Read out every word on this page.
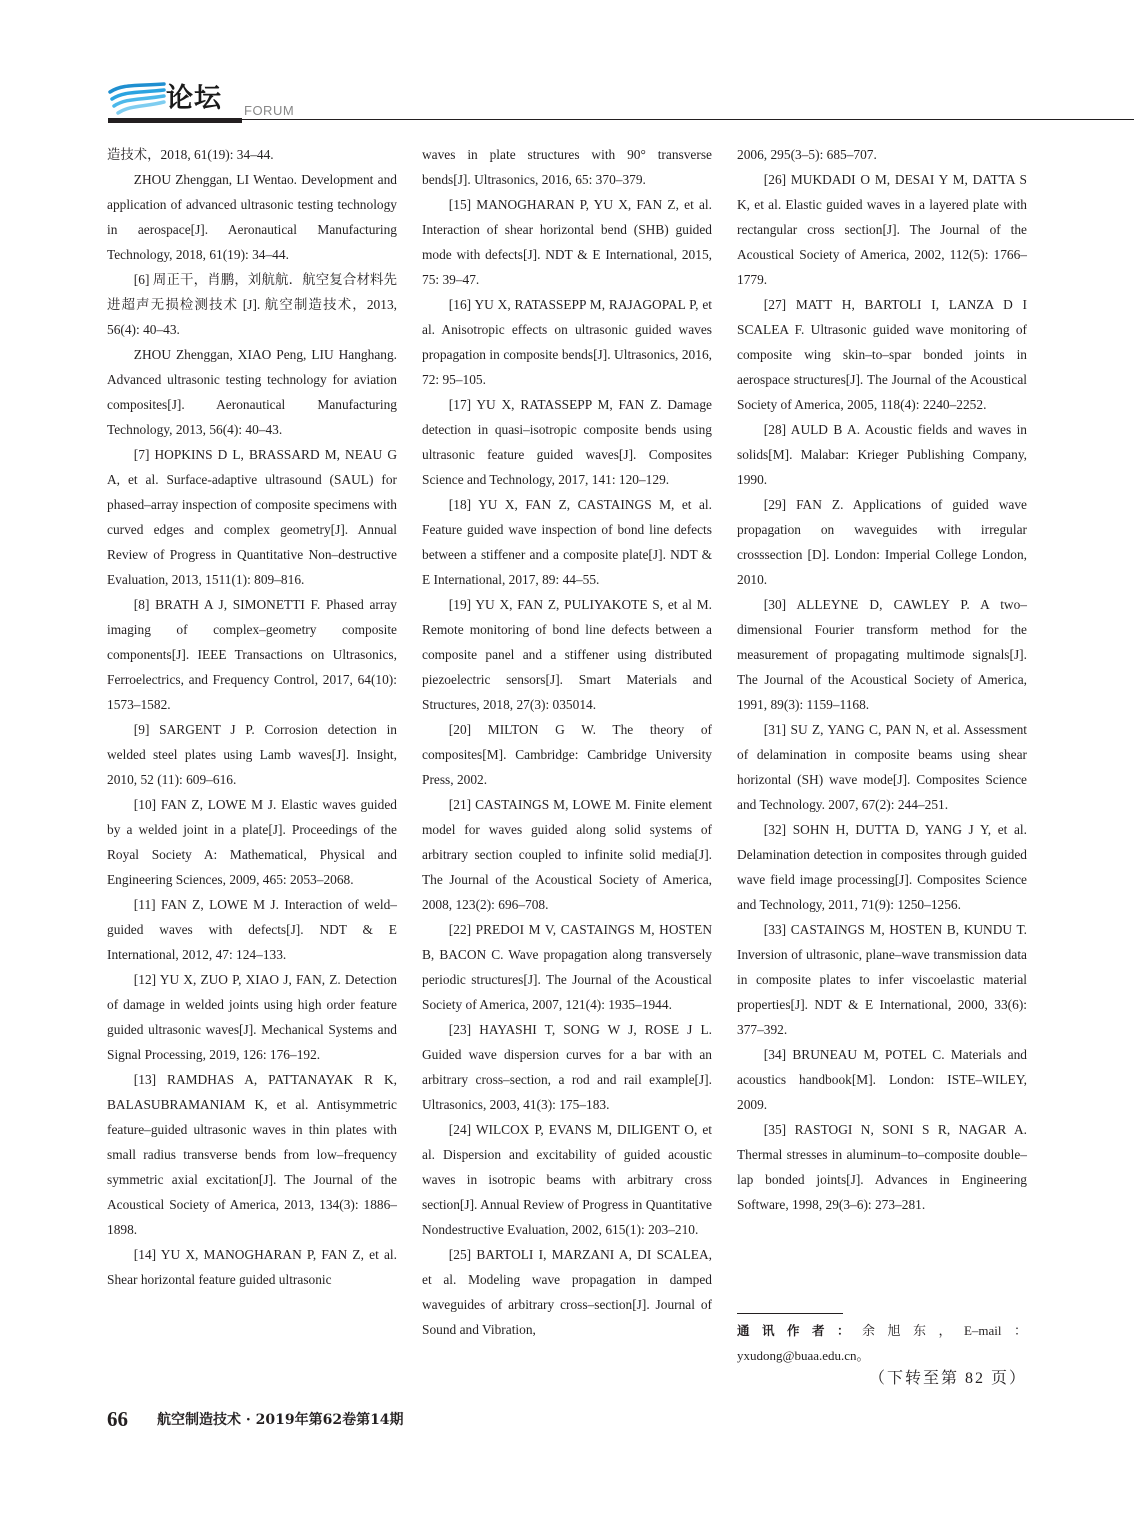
论坛 FORUM

造技术，2018, 61(19): 34–44.

ZHOU Zhenggan, LI Wentao. Development and application of advanced ultrasonic testing technology in aerospace[J]. Aeronautical Manufacturing Technology, 2018, 61(19): 34–44.

[6] 周正干，肖鹏，刘航航．航空复合材料先进超声无损检测技术 [J]. 航空制造技术，2013, 56(4): 40–43.

ZHOU Zhenggan, XIAO Peng, LIU Hanghang. Advanced ultrasonic testing technology for aviation composites[J]. Aeronautical Manufacturing Technology, 2013, 56(4): 40–43.

[7] HOPKINS D L, BRASSARD M, NEAU G A, et al. Surface-adaptive ultrasound (SAUL) for phased–array inspection of composite specimens with curved edges and complex geometry[J]. Annual Review of Progress in Quantitative Non–destructive Evaluation, 2013, 1511(1): 809–816.

[8] BRATH A J, SIMONETTI F. Phased array imaging of complex–geometry composite components[J]. IEEE Transactions on Ultrasonics, Ferroelectrics, and Frequency Control, 2017, 64(10): 1573–1582.

[9] SARGENT J P. Corrosion detection in welded steel plates using Lamb waves[J]. Insight, 2010, 52 (11): 609–616.

[10] FAN Z, LOWE M J. Elastic waves guided by a welded joint in a plate[J]. Proceedings of the Royal Society A: Mathematical, Physical and Engineering Sciences, 2009, 465: 2053–2068.

[11] FAN Z, LOWE M J. Interaction of weld–guided waves with defects[J]. NDT & E International, 2012, 47: 124–133.

[12] YU X, ZUO P, XIAO J, FAN, Z. Detection of damage in welded joints using high order feature guided ultrasonic waves[J]. Mechanical Systems and Signal Processing, 2019, 126: 176–192.

[13] RAMDHAS A, PATTANAYAK R K, BALASUBRAMANIAM K, et al. Antisymmetric feature–guided ultrasonic waves in thin plates with small radius transverse bends from low–frequency symmetric axial excitation[J]. The Journal of the Acoustical Society of America, 2013, 134(3): 1886–1898.

[14] YU X, MANOGHARAN P, FAN Z, et al. Shear horizontal feature guided ultrasonic

waves in plate structures with 90° transverse bends[J]. Ultrasonics, 2016, 65: 370–379.

[15] MANOGHARAN P, YU X, FAN Z, et al. Interaction of shear horizontal bend (SHB) guided mode with defects[J]. NDT & E International, 2015, 75: 39–47.

[16] YU X, RATASSEPP M, RAJAGOPAL P, et al. Anisotropic effects on ultrasonic guided waves propagation in composite bends[J]. Ultrasonics, 2016, 72: 95–105.

[17] YU X, RATASSEPP M, FAN Z. Damage detection in quasi–isotropic composite bends using ultrasonic feature guided waves[J]. Composites Science and Technology, 2017, 141: 120–129.

[18] YU X, FAN Z, CASTAINGS M, et al. Feature guided wave inspection of bond line defects between a stiffener and a composite plate[J]. NDT & E International, 2017, 89: 44–55.

[19] YU X, FAN Z, PULIYAKOTE S, et al M. Remote monitoring of bond line defects between a composite panel and a stiffener using distributed piezoelectric sensors[J]. Smart Materials and Structures, 2018, 27(3): 035014.

[20] MILTON G W. The theory of composites[M]. Cambridge: Cambridge University Press, 2002.

[21] CASTAINGS M, LOWE M. Finite element model for waves guided along solid systems of arbitrary section coupled to infinite solid media[J]. The Journal of the Acoustical Society of America, 2008, 123(2): 696–708.

[22] PREDOI M V, CASTAINGS M, HOSTEN B, BACON C. Wave propagation along transversely periodic structures[J]. The Journal of the Acoustical Society of America, 2007, 121(4): 1935–1944.

[23] HAYASHI T, SONG W J, ROSE J L. Guided wave dispersion curves for a bar with an arbitrary cross–section, a rod and rail example[J]. Ultrasonics, 2003, 41(3): 175–183.

[24] WILCOX P, EVANS M, DILIGENT O, et al. Dispersion and excitability of guided acoustic waves in isotropic beams with arbitrary cross section[J]. Annual Review of Progress in Quantitative Nondestructive Evaluation, 2002, 615(1): 203–210.

[25] BARTOLI I, MARZANI A, DI SCALEA, et al. Modeling wave propagation in damped waveguides of arbitrary cross–section[J]. Journal of Sound and Vibration,

2006, 295(3–5): 685–707.

[26] MUKDADI O M, DESAI Y M, DATTA S K, et al. Elastic guided waves in a layered plate with rectangular cross section[J]. The Journal of the Acoustical Society of America, 2002, 112(5): 1766–1779.

[27] MATT H, BARTOLI I, LANZA D I SCALEA F. Ultrasonic guided wave monitoring of composite wing skin–to–spar bonded joints in aerospace structures[J]. The Journal of the Acoustical Society of America, 2005, 118(4): 2240–2252.

[28] AULD B A. Acoustic fields and waves in solids[M]. Malabar: Krieger Publishing Company, 1990.

[29] FAN Z. Applications of guided wave propagation on waveguides with irregular crosssection [D]. London: Imperial College London, 2010.

[30] ALLEYNE D, CAWLEY P. A two–dimensional Fourier transform method for the measurement of propagating multimode signals[J]. The Journal of the Acoustical Society of America, 1991, 89(3): 1159–1168.

[31] SU Z, YANG C, PAN N, et al. Assessment of delamination in composite beams using shear horizontal (SH) wave mode[J]. Composites Science and Technology. 2007, 67(2): 244–251.

[32] SOHN H, DUTTA D, YANG J Y, et al. Delamination detection in composites through guided wave field image processing[J]. Composites Science and Technology, 2011, 71(9): 1250–1256.

[33] CASTAINGS M, HOSTEN B, KUNDU T. Inversion of ultrasonic, plane–wave transmission data in composite plates to infer viscoelastic material properties[J]. NDT & E International, 2000, 33(6): 377–392.

[34] BRUNEAU M, POTEL C. Materials and acoustics handbook[M]. London: ISTE–WILEY, 2009.

[35] RASTOGI N, SONI S R, NAGAR A. Thermal stresses in aluminum–to–composite double–lap bonded joints[J]. Advances in Engineering Software, 1998, 29(3–6): 273–281.

通讯作者：余旭东，E–mail：yxudong@buaa.edu.cn。
（下转至第 82 页）
66 航空制造技术 · 2019年第62卷第14期
